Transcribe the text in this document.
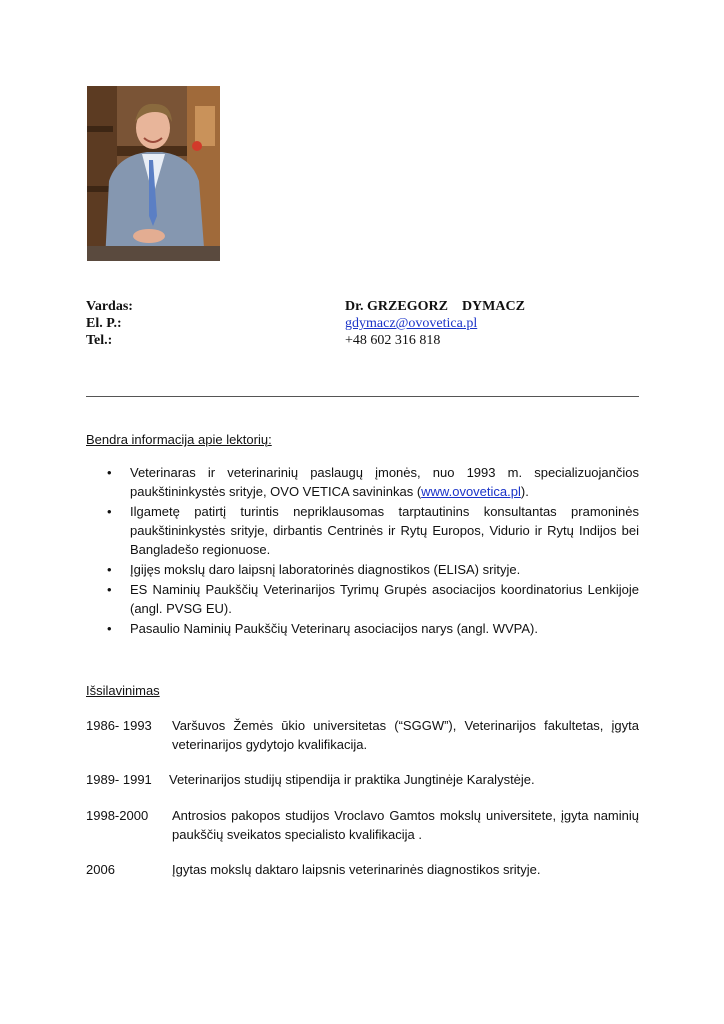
Vardas:	Dr. GRZEGORZ    DYMACZ
El. P.:	gdymacz@ovovetica.pl
Tel.:	+48 602 316 818
Bendra informacija apie lektorių:
• Veterinaras ir veterinarinių paslaugų įmonės, nuo 1993 m. specializuojančios paukštininkystės srityje, OVO VETICA savininkas (www.ovovetica.pl).
• Ilgametę patirtį turintis nepriklausomas tarptautinins konsultantas pramoninės paukštininkystės srityje, dirbantis Centrinės ir Rytų Europos, Vidurio ir Rytų Indijos bei Bangladešo regionuose.
• Įgijęs mokslų daro laipsnį laboratorinės diagnostikos (ELISA) srityje.
• ES Naminių Paukščių Veterinarijos Tyrimų Grupės asociacijos koordinatorius Lenkijoje (angl. PVSG EU).
• Pasaulio Naminių Paukščių Veterinarų asociacijos narys (angl. WVPA).
Išsilavinimas
1986- 1993 Varšuvos Žemės ūkio universitetas (“SGGW”), Veterinarijos fakultetas, įgyta veterinarijos gydytojo kvalifikacija.
1989- 1991 Veterinarijos studijų stipendija ir praktika Jungtinėje Karalystėje.
1998-2000 Antrosios pakopos studijos Vroclavo Gamtos mokslų universitete, įgyta naminių paukščių sveikatos specialisto kvalifikacija .
2006	Įgytas mokslų daktaro laipsnis veterinarinės diagnostikos srityje.
